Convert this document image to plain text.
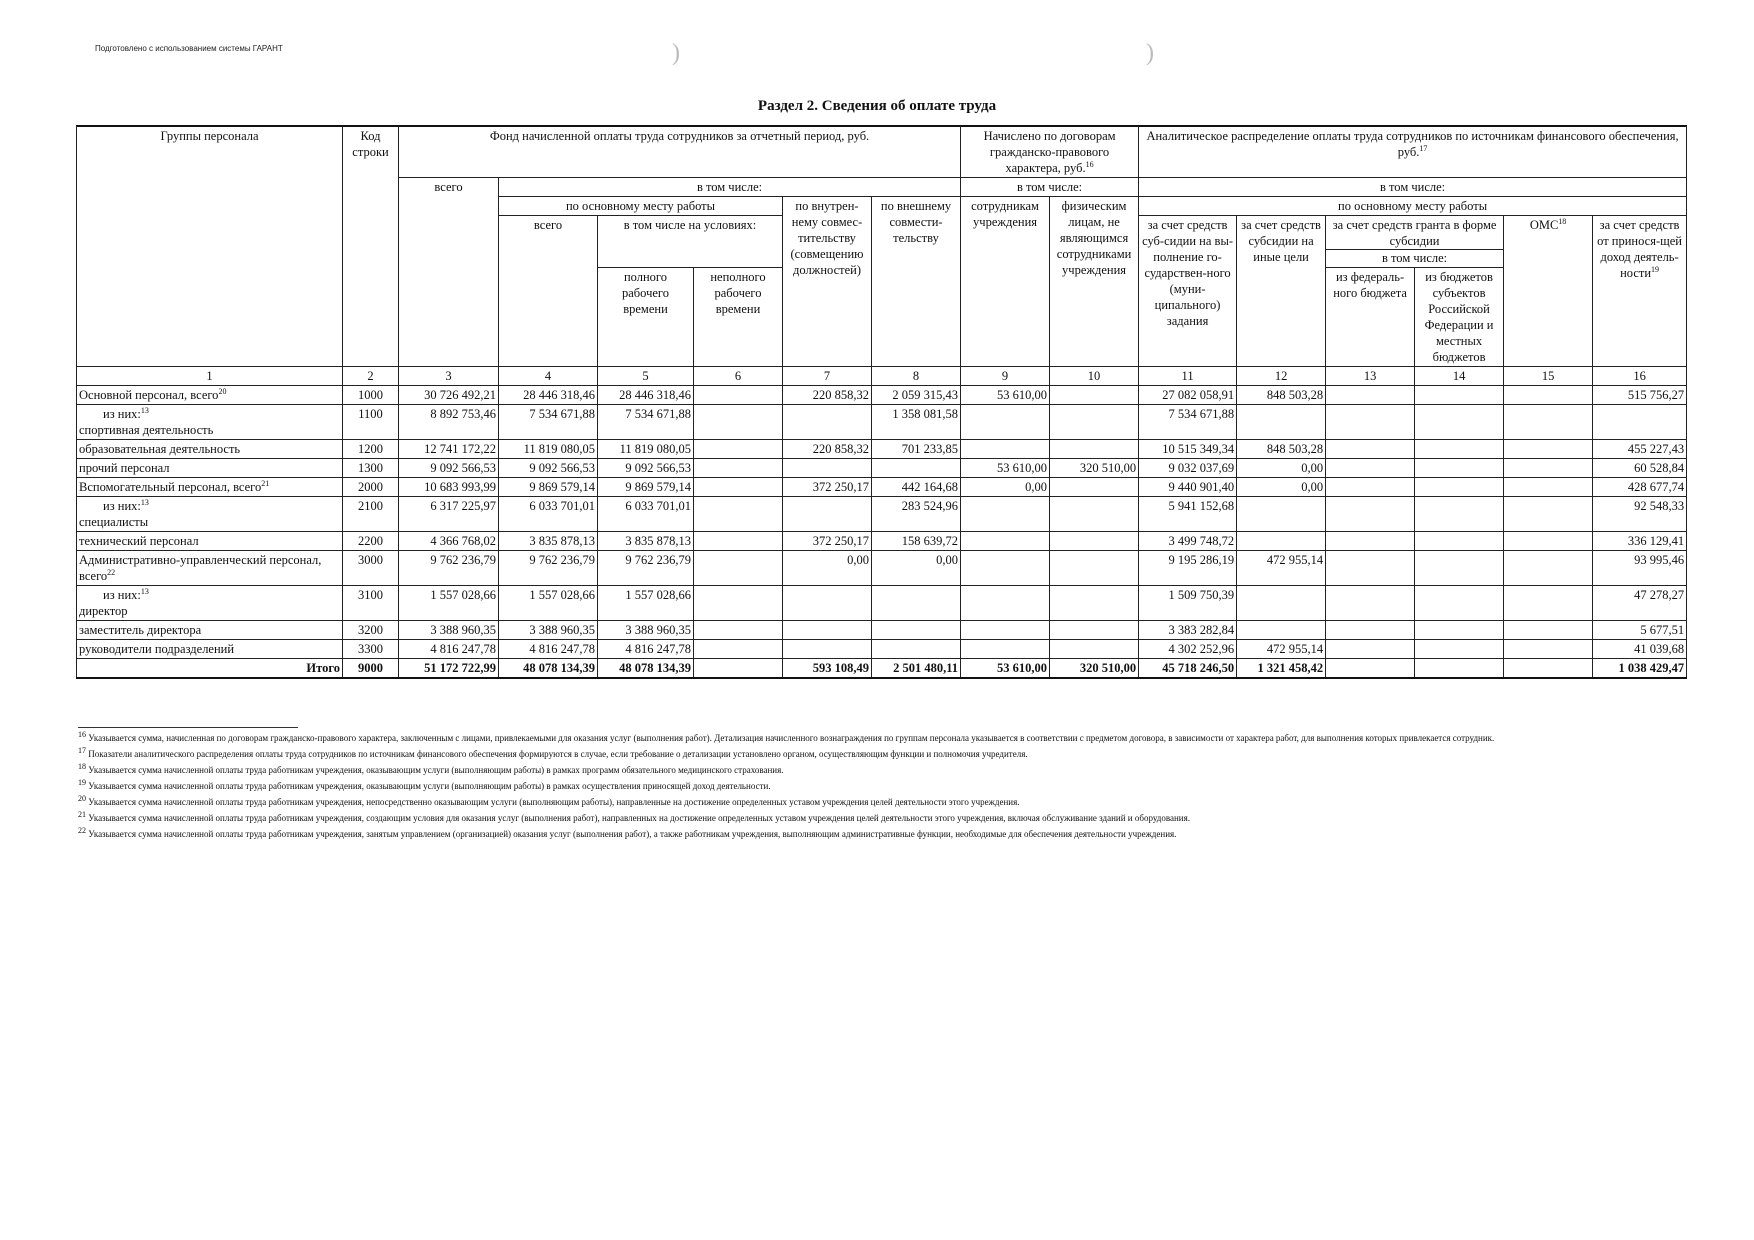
Подготовлено с использованием системы ГАРАНТ	)	)
Раздел 2. Сведения об оплате труда
Группы персонала	Код строки	Фонд начисленной оплаты труда сотрудников за отчетный период, руб.						Начислено по договорам гражданско-правового характера, руб.$^{16}$		Аналитическое распределение оплаты труда сотрудников по источникам финансового обеспечения, руб.$^{17}$

		всего	в том числе:					в том числе:		в том числе:					
			по основному месту работы			по внутрен-нему совмес-тительству (совмещению должностей)	по внешнему совмести-тельству	сотрудникам учреждения	физическим лицам, не являющимся сотрудниками учреждения	по основному месту работы					
			всего	в том числе на условиях:						за счет средств суб-сидии на вы-полнение го-сударствен-ного (муни-ципального) задания	за счет средств субсидии на иные цели	за счет средств гранта в форме субсидии
в том числе:		ОМС$^{18}$	за счет средств от принося-щей доход деятель-ности$^{19}$
				полного рабочего времени	неполного рабочего времени							из федераль-ного бюджета	из бюджетов субъектов Российской Федерации и местных бюджетов		
1	2	3	4	5	6	7	8	9	10	11	12	13	14	15	16
Основной персонал, всего$^{20}$	1000	30 726 492,21	28 446 318,46	28 446 318,46		220 858,32	2 059 315,43	53 610,00		27 082 058,91	848 503,28				515 756,27

из них:$^{13}$
спортивная деятельность	1100	8 892 753,46	7 534 671,88	7 534 671,88			1 358 081,58			7 534 671,88					
образовательная деятельность	1200	12 741 172,22	11 819 080,05	11 819 080,05		220 858,32	701 233,85			10 515 349,34	848 503,28				455 227,43
прочий персонал	1300	9 092 566,53	9 092 566,53	9 092 566,53				53 610,00	320 510,00	9 032 037,69	0,00				60 528,84
Вспомогательный персонал, всего$^{21}$	2000	10 683 993,99	9 869 579,14	9 869 579,14		372 250,17	442 164,68	0,00		9 440 901,40	0,00				428 677,74

из них:$^{13}$
специалисты	2100	6 317 225,97	6 033 701,01	6 033 701,01			283 524,96			5 941 152,68					92 548,33
технический персонал	2200	4 366 768,02	3 835 878,13	3 835 878,13		372 250,17	158 639,72			3 499 748,72					336 129,41
Административно-управленческий персонал, всего$^{22}$	3000	9 762 236,79	9 762 236,79	9 762 236,79		0,00	0,00			9 195 286,19	472 955,14				93 995,46

из них:$^{13}$
директор	3100	1 557 028,66	1 557 028,66	1 557 028,66						1 509 750,39					47 278,27
заместитель директора	3200	3 388 960,35	3 388 960,35	3 388 960,35						3 383 282,84					5 677,51
руководители подразделений	3300	4 816 247,78	4 816 247,78	4 816 247,78						4 302 252,96	472 955,14				41 039,68
Итого	9000	51 172 722,99	48 078 134,39	48 078 134,39		593 108,49	2 501 480,11	53 610,00	320 510,00	45 718 246,50	1 321 458,42				1 038 429,47

$^{16}$ Указывается сумма, начисленная по договорам гражданско-правового характера, заключенным с лицами, привлекаемыми для оказания услуг (выполнения работ). Детализация начисленного вознаграждения по группам персонала указывается в соответствии с предметом договора, в зависимости от характера работ, для выполнения которых привлекается сотрудник.

$^{17}$ Показатели аналитического распределения оплаты труда сотрудников по источникам финансового обеспечения формируются в случае, если требование о детализации установлено органом, осуществляющим функции и полномочия учредителя.

$^{18}$ Указывается сумма начисленной оплаты труда работникам учреждения, оказывающим услуги (выполняющим работы) в рамках программ обязательного медицинского страхования.

$^{19}$ Указывается сумма начисленной оплаты труда работникам учреждения, оказывающим услуги (выполняющим работы) в рамках осуществления приносящей доход деятельности.

$^{20}$ Указывается сумма начисленной оплаты труда работникам учреждения, непосредственно оказывающим услуги (выполняющим работы), направленные на достижение определенных уставом учреждения целей деятельности этого учреждения.

$^{21}$ Указывается сумма начисленной оплаты труда работникам учреждения, создающим условия для оказания услуг (выполнения работ), направленных на достижение определенных уставом учреждения целей деятельности этого учреждения, включая обслуживание зданий и оборудования.

$^{22}$ Указывается сумма начисленной оплаты труда работникам учреждения, занятым управлением (организацией) оказания услуг (выполнения работ), а также работникам учреждения, выполняющим административные функции, необходимые для обеспечения деятельности учреждения.
